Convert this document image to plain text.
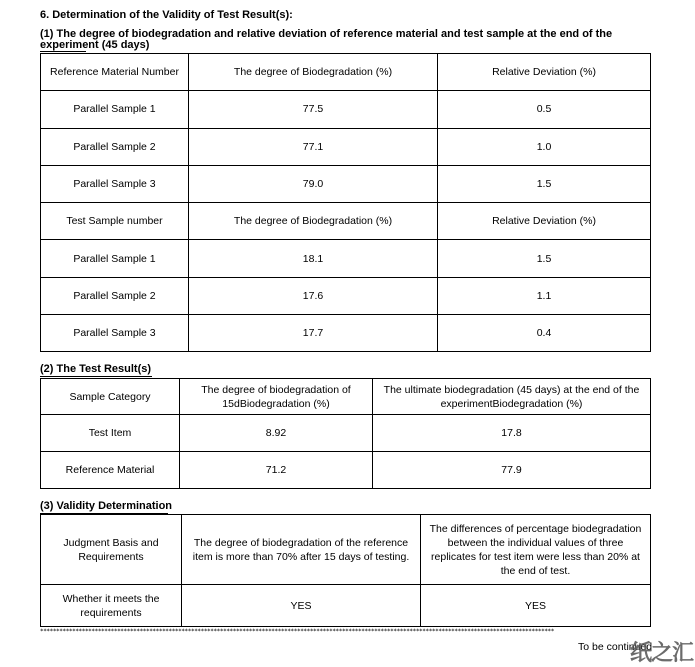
6. Determination of the Validity of Test Result(s):
(1) The degree of biodegradation and relative deviation of reference material and test sample at the end of the experiment (45 days)
Reference Material Number	The degree of Biodegradation (%)	Relative Deviation (%)
Parallel Sample 1	77.5	0.5
Parallel Sample 2	77.1	1.0
Parallel Sample 3	79.0	1.5
Test Sample number	The degree of Biodegradation (%)	Relative Deviation (%)
Parallel Sample 1	18.1	1.5
Parallel Sample 2	17.6	1.1
Parallel Sample 3	17.7	0.4
(2) The Test Result(s)
Sample Category	The degree of biodegradation of 15dBiodegradation (%)	The ultimate biodegradation (45 days) at the end of the experimentBiodegradation (%)
Test Item	8.92	17.8
Reference Material	71.2	77.9
(3) Validity Determination
Judgment Basis and Requirements	The degree of biodegradation of the reference item is more than 70% after 15 days of testing.	The differences of percentage biodegradation between the individual values of three replicates for test item were less than 20% at the end of test.
Whether it meets the requirements	YES	YES
****************************************************************************************************************************************************************
To be continued
纸之汇
